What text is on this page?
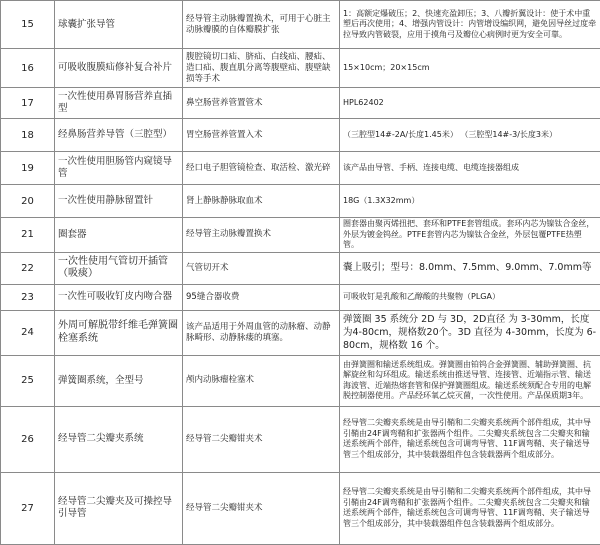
15	球囊扩张导管	经导管主动脉瓣置换术，可用于心脏主动脉瓣膜的自体瓣膜扩张	1：高额定爆破压；2、快速充盈卸压；3、八瓣折翼设计：使于术中重塑后再次使用；4、增强内管设计：内管增设编织网，避免因导丝过度牵拉导致内管破裂，应用于摸角弓及瓣位心病例时更为安全可靠。
16	可吸收腹膜疝修补复合补片	腹腔镜切口疝、脐疝、白线疝、腰疝、造口疝、腹直肌分离等腹壁疝、腹壁缺损等手术	15×10cm；20×15cm
17	一次性使用鼻胃肠营养直插型	鼻空肠营养管置管术	HPL62402
18	经鼻肠营养导管（三腔型）	胃空肠营养管置入术	（三腔型14#-2A/长度1.45米） （三腔型14#-3/长度3米）
19	一次性使用胆肠管内窥镜导管	经口电子胆管镜检查、取活检、激光碎	该产品由导管、手柄、连接电缆、电缆连接器组成
20	一次性使用静脉留置针	肾上静脉静脉取血术	18G（1.3X32mm）
21	圈套器	经导管主动脉瓣置换术	圈套器由聚丙烯扭把、套环和PTFE套管组成。套环内芯为镍钛合金丝，外层为镀金钨丝。PTFE套管内芯为镍钛合金丝，外层包覆PTFE热塑管。
22	一次性使用气管切开插管（吸痰）	气管切开术	囊上吸引；型号：8.0mm、7.5mm、9.0mm、7.0mm等
23	一次性可吸收钉皮内吻合器	95缝合器收费	可吸收钉是乳酸和乙醇酸的共聚物（PLGA）
24	外周可解脱带纤维毛弹簧圈栓塞系统	该产品适用于外周血管的动脉瘤、动静脉畸形、动静脉瘘的填塞。	弹簧圈 35 系统分 2D 与 3D，2D直径 为 3-30mm，长度为4-80cm，规格数20个。3D 直径为 4-30mm，长度为 6-80cm，规格数 16 个。
25	弹簧圈系统，全型号	颅内动脉瘤栓塞术	由弹簧圈和输送系统组成。弹簧圈由铂钨合金弹簧圈、辅助弹簧圈、抗解旋丝和勾环组成。输送系统由推送导管、连接管、近端指示管、输送海波管、近端热熔套管和保护弹簧圈组成。输送系统须配合专用的电解脱控制器使用。产品经环氧乙烷灭菌，一次性使用。产品保质期3年。
26	经导管二尖瓣夹系统	经导管二尖瓣钳夹术	经导管二尖瓣夹系统是由导引鞘和二尖瓣夹系统两个部件组成，其中导引鞘由24F调弯鞘和扩张器两个组件。二尖瓣夹系统包含二尖瓣夹和输送系统两个部件，输送系统包含可调弯导管、11F调弯鞘、夹子输送导管三个组成部分，其中装载器组件包含装载器两个组成部分。
27	经导管二尖瓣夹及可操控导引导管	经导管二尖瓣钳夹术	经导管二尖瓣夹系统是由导引鞘和二尖瓣夹系统两个部件组成，其中导引鞘由24F调弯鞘和扩张器两个组件。二尖瓣夹系统包含二尖瓣夹和输送系统两个部件，输送系统包含可调弯导管、11F调弯鞘、夹子输送导管三个组成部分，其中装载器组件包含装载器两个组成部分。
